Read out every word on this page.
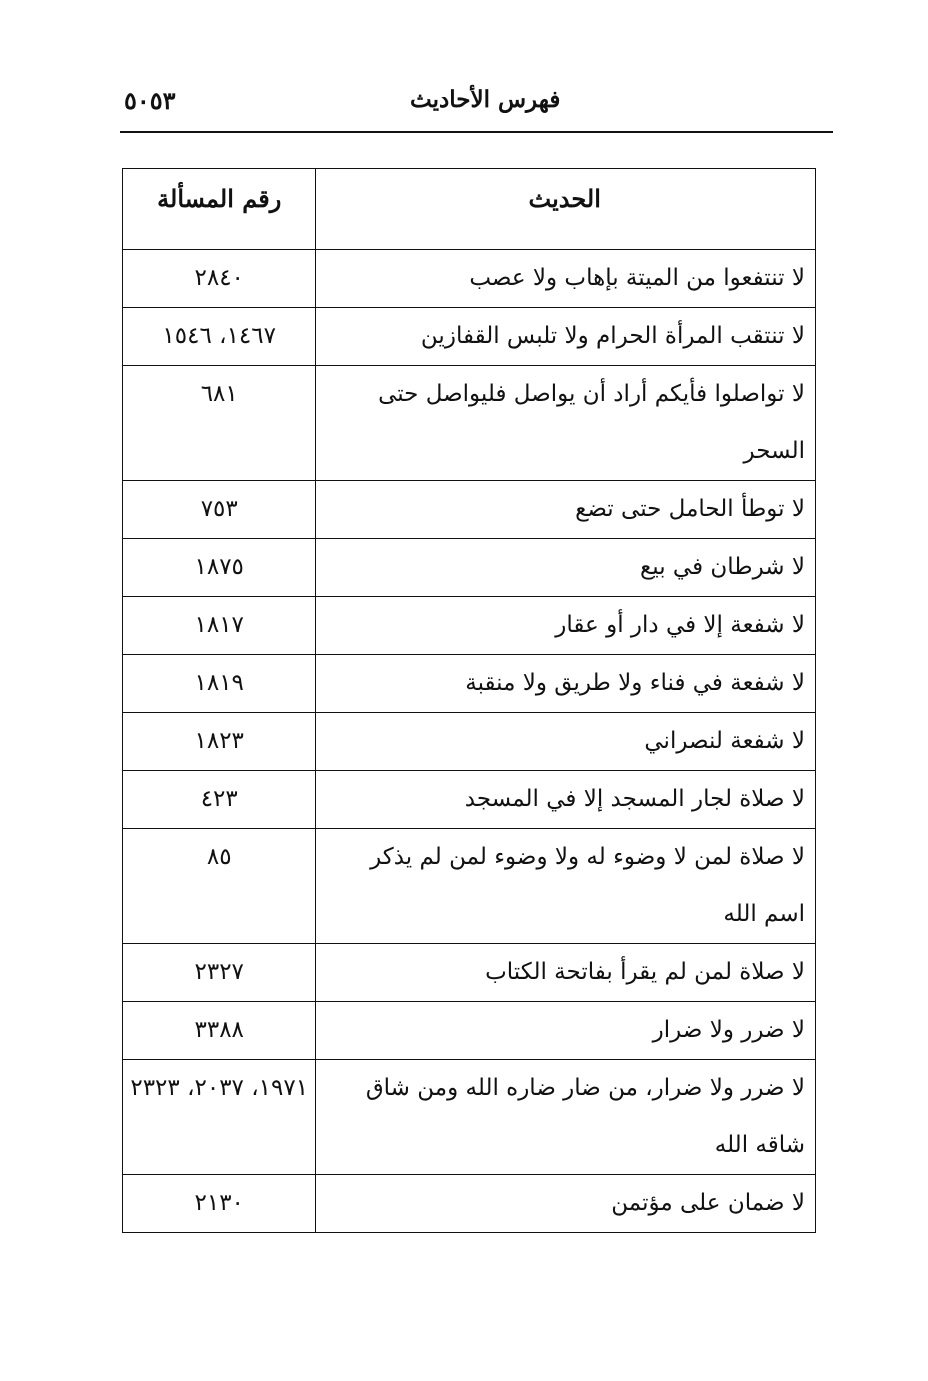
٥٠٥٣	فهرس الأحاديث
الحديث	رقم المسألة
لا تنتفعوا من الميتة بإهاب ولا عصب	٢٨٤٠
لا تنتقب المرأة الحرام ولا تلبس القفازين	١٤٦٧، ١٥٤٦
لا تواصلوا فأيكم أراد أن يواصل فليواصل حتى السحر	٦٨١
لا توطأ الحامل حتى تضع	٧٥٣
لا شرطان في بيع	١٨٧٥
لا شفعة إلا في دار أو عقار	١٨١٧
لا شفعة في فناء ولا طريق ولا منقبة	١٨١٩
لا شفعة لنصراني	١٨٢٣
لا صلاة لجار المسجد إلا في المسجد	٤٢٣
لا صلاة لمن لا وضوء له ولا وضوء لمن لم يذكر اسم الله	٨٥
لا صلاة لمن لم يقرأ بفاتحة الكتاب	٢٣٢٧
لا ضرر ولا ضرار	٣٣٨٨
لا ضرر ولا ضرار، من ضار ضاره الله ومن شاق شاقه الله	١٩٧١، ٢٠٣٧، ٢٣٢٣
لا ضمان على مؤتمن	٢١٣٠
